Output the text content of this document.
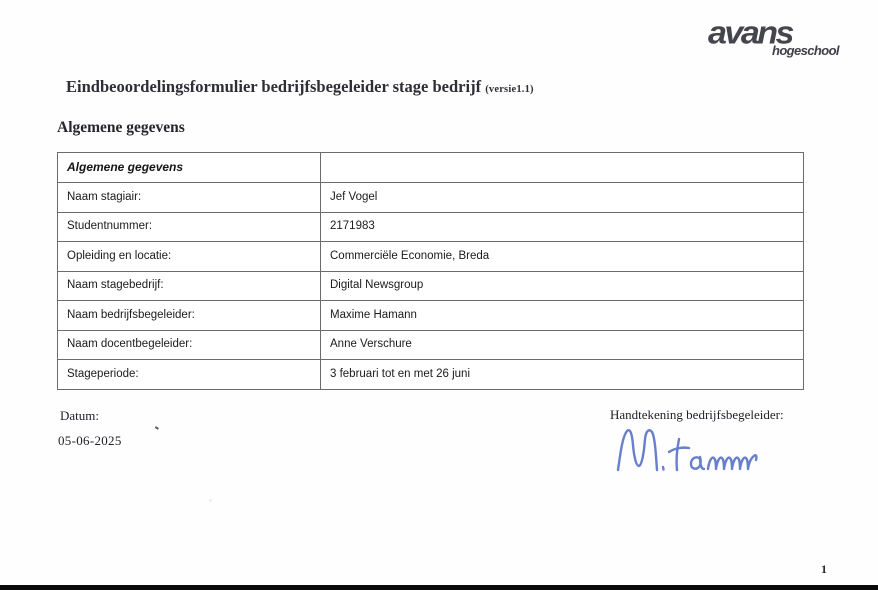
avans
hogeschool
Eindbeoordelingsformulier bedrijfsbegeleider stage bedrijf (versie1.1)
Algemene gegevens
Algemene gegevens	
Naam stagiair:	Jef Vogel
Studentnummer:	2171983
Opleiding en locatie:	Commerciële Economie, Breda
Naam stagebedrijf:	Digital Newsgroup
Naam bedrijfsbegeleider:	Maxime Hamann
Naam docentbegeleider:	Anne Verschure
Stageperiode:	3 februari tot en met 26 juni
Datum:
05-06-2025
Handtekening bedrijfsbegeleider:
1
